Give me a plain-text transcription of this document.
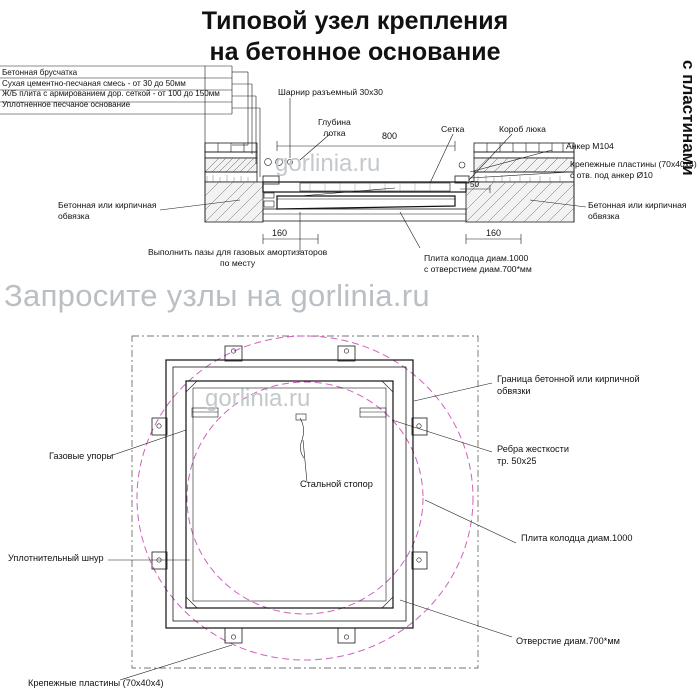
Типовой узел крепления
на бетонное основание
с пластинами
Бетонная брусчатка
Сухая цементно-песчаная смесь - от 30 до 50мм
Ж/Б плита с армированием дор. сеткой - от 100 до 150мм
Уплотненное песчаное основание
Шарнир разъемный 30х30
Глубина
лотка	Сетка	Короб люка
Анкер M104
Крепежные пластины (70х40х4)
с отв. под анкер Ø10
800
160	160
50
Бетонная или кирпичная
обвязка
Бетонная или кирпичная
обвязка
Выполнить пазы для газовых амортизаторов
по месту	Плита колодца диам.1000
с отверстием диам.700*мм
Граница бетонной или кирпичной
обвязки
Ребра жесткости
тр. 50х25
Газовые упоры
Стальной стопор
Плита колодца диам.1000
Уплотнительный шнур
Отверстие диам.700*мм
Крепежные пластины (70х40х4)
gorlinia.ru
Запросите узлы на gorlinia.ru
gorlinia.ru
